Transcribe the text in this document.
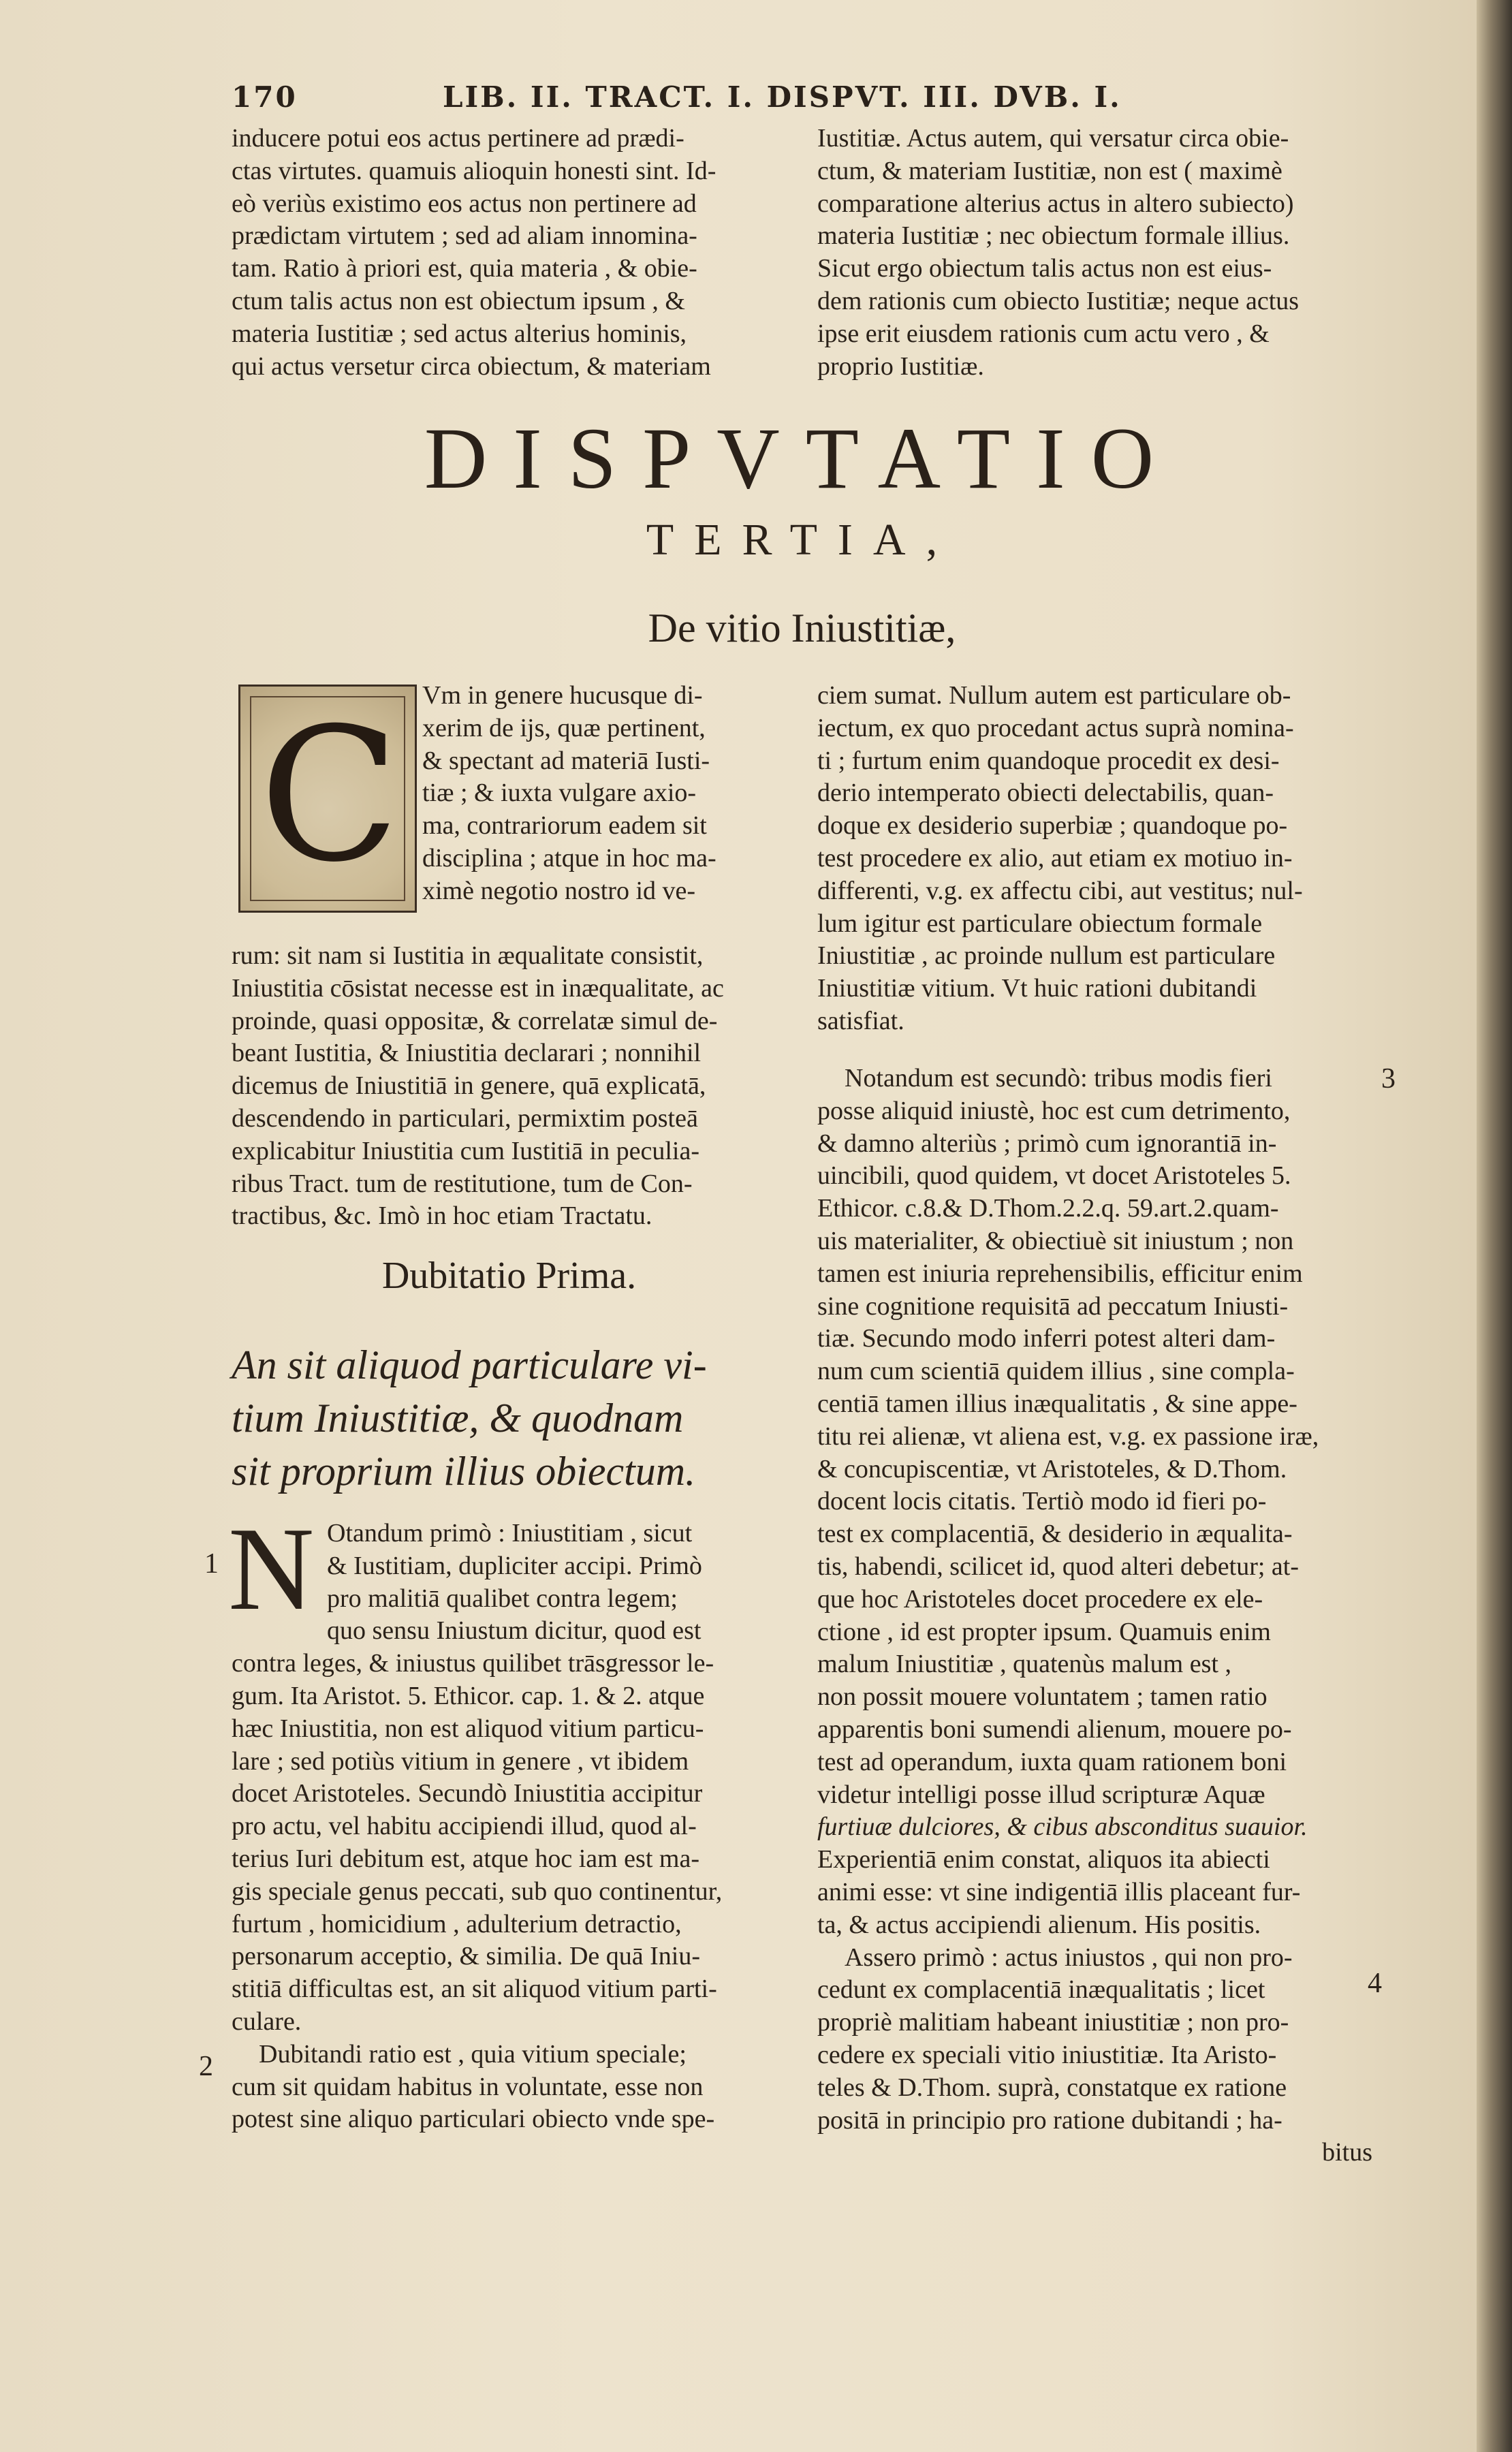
170	LIB. II. TRACT. I. DISPVT. III. DVB. I.

inducere potui eos actus pertinere ad prædi-

ctas virtutes. quamuis alioquin honesti sint. Id-

eò veriùs existimo eos actus non pertinere ad

prædictam virtutem ; sed ad aliam innomina-

tam. Ratio à priori est, quia materia , & obie-

ctum talis actus non est obiectum ipsum , &

materia Iustitiæ ; sed actus alterius hominis,

qui actus versetur circa obiectum, & materiam

Iustitiæ. Actus autem, qui versatur circa obie-

ctum, & materiam Iustitiæ, non est ( maximè

comparatione alterius actus in altero subiecto)

materia Iustitiæ ; nec obiectum formale illius.

Sicut ergo obiectum talis actus non est eius-

dem rationis cum obiecto Iustitiæ; neque actus

ipse erit eiusdem rationis cum actu vero , &

proprio Iustitiæ.

DISPVTATIO
TERTIA,
De vitio Iniustitiæ,
C Vm in genere hucusque di-

xerim de ijs, quæ pertinent,

& spectant ad materiā Iusti-

tiæ ; & iuxta vulgare axio-

ma, contrariorum eadem sit

disciplina ; atque in hoc ma-

ximè negotio nostro id ve-

rum: sit nam si Iustitia in æqualitate consistit,

Iniustitia cōsistat necesse est in inæqualitate, ac

proinde, quasi oppositæ, & correlatæ simul de-

beant Iustitia, & Iniustitia declarari ; nonnihil

dicemus de Iniustitiā in genere, quā explicatā,

descendendo in particulari, permixtim posteā

explicabitur Iniustitia cum Iustitiā in peculia-

ribus Tract. tum de restitutione, tum de Con-

tractibus, &c. Imò in hoc etiam Tractatu.

Dubitatio Prima.
An sit aliquod particulare vi-
tium Iniustitiæ, & quodnam
sit proprium illius obiectum.
1 N Otandum primò : Iniustitiam , sicut

& Iustitiam, dupliciter accipi. Primò

pro malitiā qualibet contra legem;

quo sensu Iniustum dicitur, quod est

contra leges, & iniustus quilibet trāsgressor le-

gum. Ita Aristot. 5. Ethicor. cap. 1. & 2. atque

hæc Iniustitia, non est aliquod vitium particu-

lare ; sed potiùs vitium in genere , vt ibidem

docet Aristoteles. Secundò Iniustitia accipitur

pro actu, vel habitu accipiendi illud, quod al-

terius Iuri debitum est, atque hoc iam est ma-

gis speciale genus peccati, sub quo continentur,

furtum , homicidium , adulterium detractio,

personarum acceptio, & similia. De quā Iniu-

stitiā difficultas est, an sit aliquod vitium parti-

culare.

Dubitandi ratio est , quia vitium speciale;

cum sit quidam habitus in voluntate, esse non

potest sine aliquo particulari obiecto vnde spe-

2

ciem sumat. Nullum autem est particulare ob-

iectum, ex quo procedant actus suprà nomina-

ti ; furtum enim quandoque procedit ex desi-

derio intemperato obiecti delectabilis, quan-

doque ex desiderio superbiæ ; quandoque po-

test procedere ex alio, aut etiam ex motiuo in-

differenti, v.g. ex affectu cibi, aut vestitus; nul-

lum igitur est particulare obiectum formale

Iniustitiæ , ac proinde nullum est particulare

Iniustitiæ vitium. Vt huic rationi dubitandi

satisfiat.

Notandum est secundò: tribus modis fieri

posse aliquid iniustè, hoc est cum detrimento,

& damno alteriùs ; primò cum ignorantiā in-

uincibili, quod quidem, vt docet Aristoteles 5.

Ethicor. c.8.& D.Thom.2.2.q. 59.art.2.quam-

uis materialiter, & obiectiuè sit iniustum ; non

tamen est iniuria reprehensibilis, efficitur enim

sine cognitione requisitā ad peccatum Iniusti-

tiæ. Secundo modo inferri potest alteri dam-

num cum scientiā quidem illius , sine compla-

centiā tamen illius inæqualitatis , & sine appe-

titu rei alienæ, vt aliena est, v.g. ex passione iræ,

& concupiscentiæ, vt Aristoteles, & D.Thom.

docent locis citatis. Tertiò modo id fieri po-

test ex complacentiā, & desiderio in æqualita-

tis, habendi, scilicet id, quod alteri debetur; at-

que hoc Aristoteles docet procedere ex ele-

ctione , id est propter ipsum. Quamuis enim

malum Iniustitiæ , quatenùs malum est ,

non possit mouere voluntatem ; tamen ratio

apparentis boni sumendi alienum, mouere po-

test ad operandum, iuxta quam rationem boni

videtur intelligi posse illud scripturæ Aquæ

furtiuæ dulciores, & cibus absconditus suauior.

Experientiā enim constat, aliquos ita abiecti

animi esse: vt sine indigentiā illis placeant fur-

ta, & actus accipiendi alienum. His positis.

Assero primò : actus iniustos , qui non pro-

cedunt ex complacentiā inæqualitatis ; licet

propriè malitiam habeant iniustitiæ ; non pro-

cedere ex speciali vitio iniustitiæ. Ita Aristo-

teles & D.Thom. suprà, constatque ex ratione

positā in principio pro ratione dubitandi ; ha-

bitus

3
4
